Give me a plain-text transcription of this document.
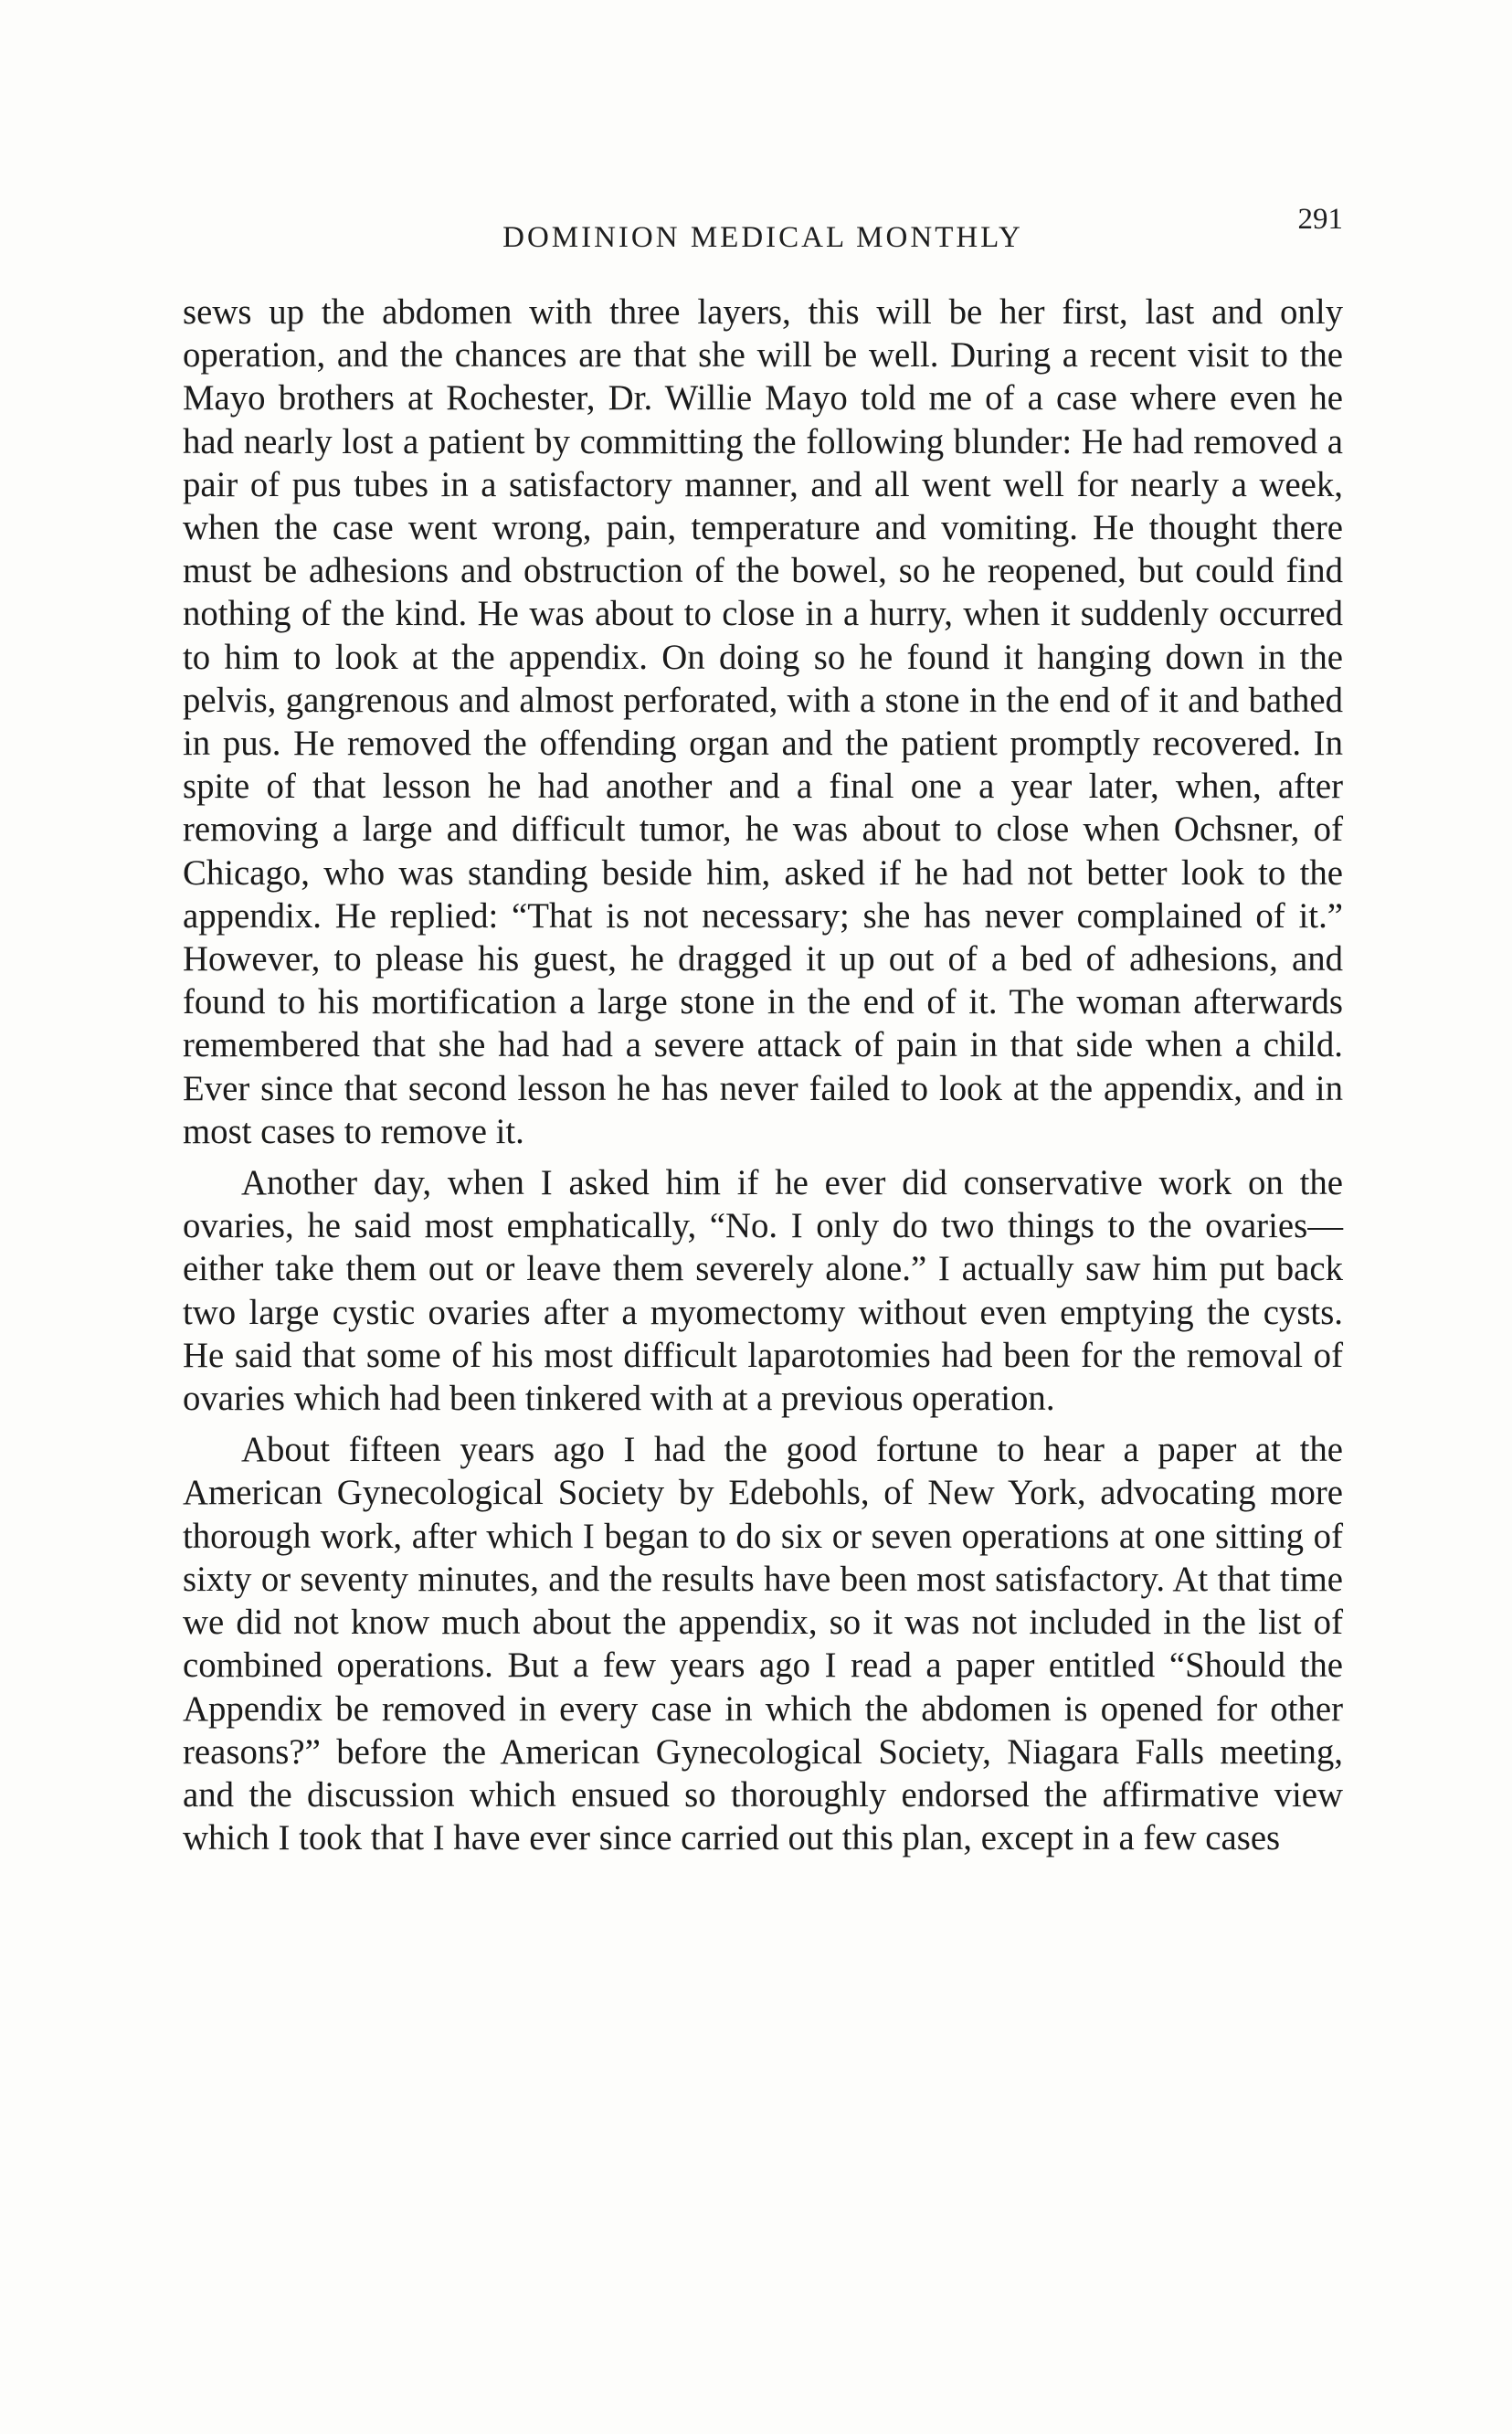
DOMINION MEDICAL MONTHLY
291

sews up the abdomen with three layers, this will be her first, last and only operation, and the chances are that she will be well. During a recent visit to the Mayo brothers at Rochester, Dr. Willie Mayo told me of a case where even he had nearly lost a patient by committing the following blunder: He had removed a pair of pus tubes in a satisfactory manner, and all went well for nearly a week, when the case went wrong, pain, temperature and vomiting. He thought there must be adhesions and obstruction of the bowel, so he reopened, but could find nothing of the kind. He was about to close in a hurry, when it suddenly occurred to him to look at the appendix. On doing so he found it hanging down in the pelvis, gangrenous and almost perforated, with a stone in the end of it and bathed in pus. He removed the offending organ and the patient promptly recovered. In spite of that lesson he had another and a final one a year later, when, after removing a large and difficult tumor, he was about to close when Ochsner, of Chicago, who was standing beside him, asked if he had not better look to the appendix. He replied: “That is not necessary; she has never complained of it.” However, to please his guest, he dragged it up out of a bed of adhesions, and found to his mortification a large stone in the end of it. The woman afterwards remembered that she had had a severe attack of pain in that side when a child. Ever since that second lesson he has never failed to look at the appendix, and in most cases to remove it.

Another day, when I asked him if he ever did conservative work on the ovaries, he said most emphatically, “No. I only do two things to the ovaries—either take them out or leave them severely alone.” I actually saw him put back two large cystic ovaries after a myomectomy without even emptying the cysts. He said that some of his most difficult laparotomies had been for the removal of ovaries which had been tinkered with at a previous operation.

About fifteen years ago I had the good fortune to hear a paper at the American Gynecological Society by Edebohls, of New York, advocating more thorough work, after which I began to do six or seven operations at one sitting of sixty or seventy minutes, and the results have been most satisfactory. At that time we did not know much about the appendix, so it was not included in the list of combined operations. But a few years ago I read a paper entitled “Should the Appendix be removed in every case in which the abdomen is opened for other reasons?” before the American Gynecological Society, Niagara Falls meeting, and the discussion which ensued so thoroughly endorsed the affirmative view which I took that I have ever since carried out this plan, except in a few cases
